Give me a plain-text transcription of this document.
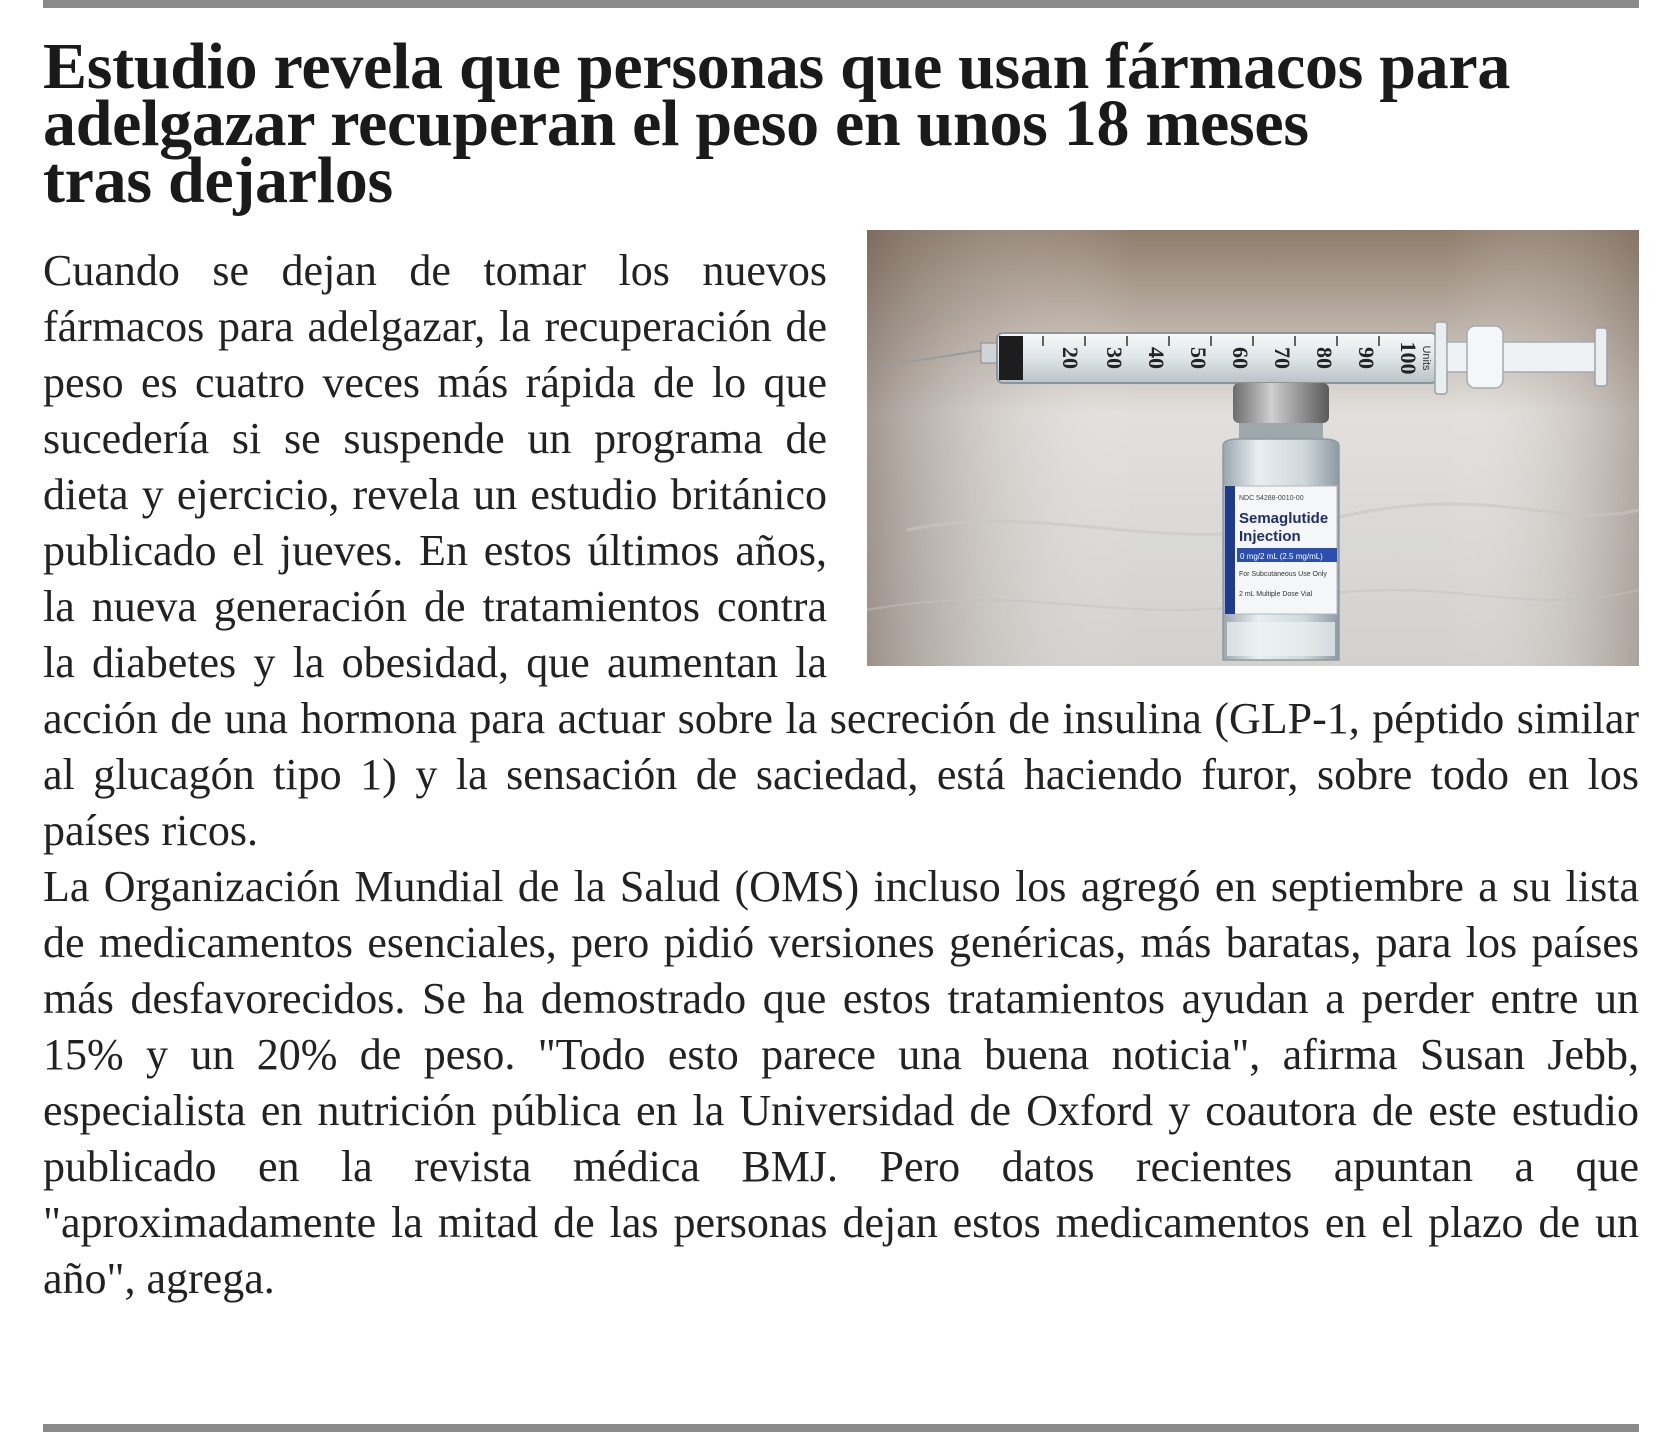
Estudio revela que personas que usan fármacos para
adelgazar recuperan el peso en unos 18 meses
tras dejarlos
20 30 40 50 60 70 80 90 100 Units
NDC 54288-0010-00
Semaglutide
Injection
0 mg/2 mL (2.5 mg/mL)
For Subcutaneous Use Only
2 mL Multiple Dose Vial

Cuando se dejan de tomar los nuevos fármacos para adelgazar, la recuperación de peso es cuatro veces más rápida de lo que sucedería si se suspende un programa de dieta y ejercicio, revela un estudio británico publicado el jueves. En estos últimos años, la nueva generación de tratamientos contra la diabetes y la obesidad, que aumentan la acción de una hormona para actuar sobre la secreción de insulina (GLP-1, péptido similar al glucagón tipo 1) y la sensación de saciedad, está haciendo furor, sobre todo en los países ricos.

La Organización Mundial de la Salud (OMS) incluso los agregó en septiembre a su lista de medicamentos esenciales, pero pidió versiones genéricas, más baratas, para los países más desfavorecidos. Se ha demostrado que estos tratamientos ayudan a perder entre un 15% y un 20% de peso. "Todo esto parece una buena noticia", afirma Susan Jebb, especialista en nutrición pública en la Universidad de Oxford y coautora de este estudio publicado en la revista médica BMJ. Pero datos recientes apuntan a que "aproximadamente la mitad de las personas dejan estos medicamentos en el plazo de un año", agrega.
